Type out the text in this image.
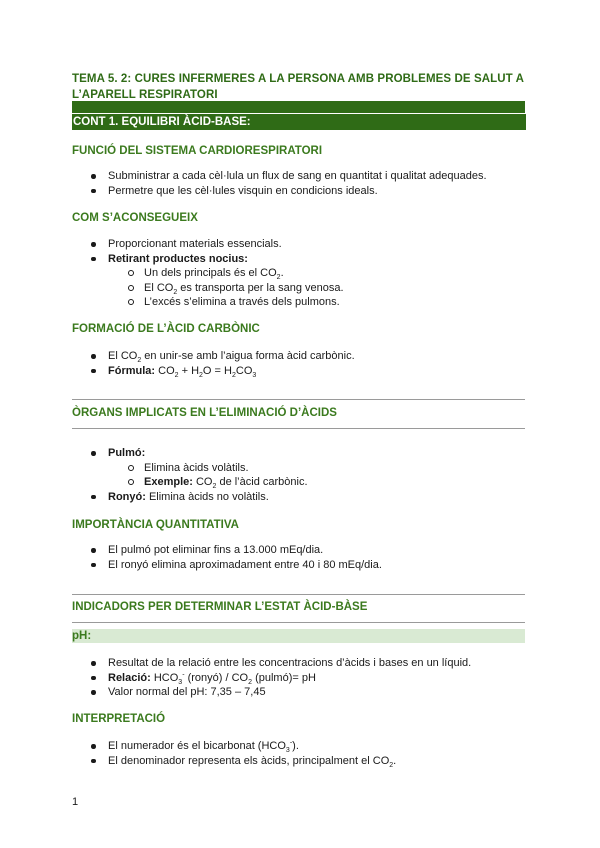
TEMA 5. 2: CURES INFERMERES A LA PERSONA AMB PROBLEMES DE SALUT A L’APARELL RESPIRATORI
CONT 1. EQUILIBRI ÀCID-BASE:
FUNCIÓ DEL SISTEMA CARDIORESPIRATORI
Subministrar a cada cèl·lula un flux de sang en quantitat i qualitat adequades.
Permetre que les cèl·lules visquin en condicions ideals.
COM S’ACONSEGUEIX
Proporcionant materials essencials.
Retirant productes nocius:
Un dels principals és el $CO_2$.
El $CO_2$ es transporta per la sang venosa.
L’excés s’elimina a través dels pulmons.
FORMACIÓ DE L’ÀCID CARBÒNIC
El $CO_2$ en unir-se amb l’aigua forma àcid carbònic.
Fórmula: $CO_2 + H_2O = H_2CO_3$
ÒRGANS IMPLICATS EN L’ELIMINACIÓ D’ÀCIDS
Pulmó:
Elimina àcids volàtils.
Exemple: $CO_2$ de l’àcid carbònic.
Ronyó: Elimina àcids no volàtils.
IMPORTÀNCIA QUANTITATIVA
El pulmó pot eliminar fins a 13.000 mEq/dia.
El ronyó elimina aproximadament entre 40 i 80 mEq/dia.
INDICADORS PER DETERMINAR L’ESTAT ÀCID-BÀSE
pH:
Resultat de la relació entre les concentracions d’àcids i bases en un líquid.
Relació: $HCO_3^-$ (ronyó) / $CO_2$ (pulmó)= pH
Valor normal del pH: 7,35 – 7,45
INTERPRETACIÓ
El numerador és el bicarbonat $(HCO_3^-)$.
El denominador representa els àcids, principalment el $CO_2$.
1
